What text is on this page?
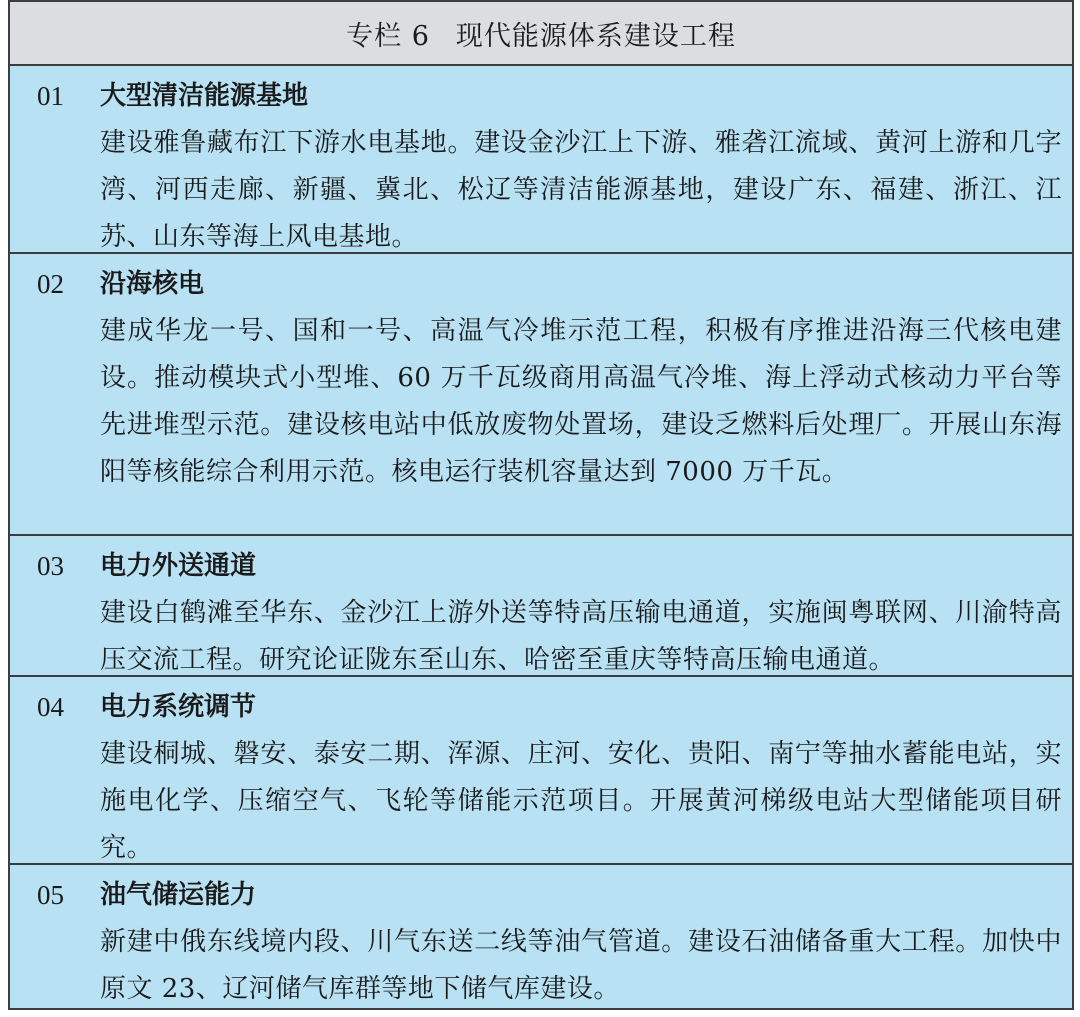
专栏 6 现代能源体系建设工程
01	大型清洁能源基地
建设雅鲁藏布江下游水电基地。建设金沙江上下游、雅砻江流域、黄河上游和几字湾、河西走廊、新疆、冀北、松辽等清洁能源基地，建设广东、福建、浙江、江苏、山东等海上风电基地。
02	沿海核电
建成华龙一号、国和一号、高温气冷堆示范工程，积极有序推进沿海三代核电建设。推动模块式小型堆、60 万千瓦级商用高温气冷堆、海上浮动式核动力平台等先进堆型示范。建设核电站中低放废物处置场，建设乏燃料后处理厂。开展山东海阳等核能综合利用示范。核电运行装机容量达到 7000 万千瓦。
03	电力外送通道
建设白鹤滩至华东、金沙江上游外送等特高压输电通道，实施闽粤联网、川渝特高压交流工程。研究论证陇东至山东、哈密至重庆等特高压输电通道。
04	电力系统调节
建设桐城、磐安、泰安二期、浑源、庄河、安化、贵阳、南宁等抽水蓄能电站，实施电化学、压缩空气、飞轮等储能示范项目。开展黄河梯级电站大型储能项目研究。
05	油气储运能力
新建中俄东线境内段、川气东送二线等油气管道。建设石油储备重大工程。加快中原文 23、辽河储气库群等地下储气库建设。
